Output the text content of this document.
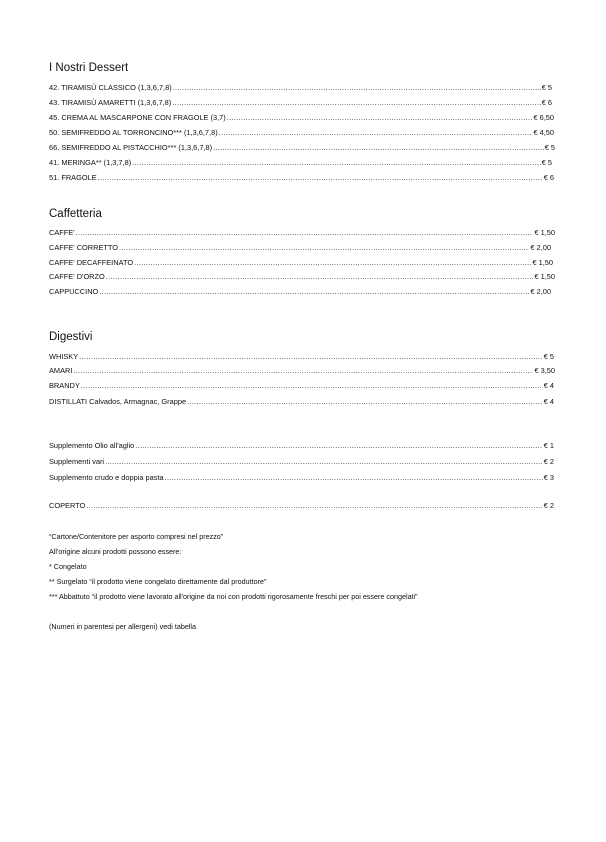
I Nostri Dessert
42. TIRAMISÙ CLASSICO (1,3,6,7,8) .....	€ 5
43. TIRAMISÙ AMARETTI (1,3,6,7,8) .....	€ 6
45. CREMA AL MASCARPONE CON FRAGOLE (3,7) .....	€ 6,50
50. SEMIFREDDO AL TORRONCINO*** (1,3,6,7,8) .....	€ 4,50
66. SEMIFREDDO AL PISTACCHIO*** (1,3,6,7,8) .....	€ 5
41. MERINGA** (1,3,7,8) .....	€ 5
51. FRAGOLE .....	€ 6
Caffetteria
CAFFE' .....	€ 1,50
CAFFE' CORRETTO .....	€ 2,00
CAFFE' DECAFFEINATO .....	€ 1,50
CAFFE' D'ORZO .....	€ 1,50
CAPPUCCINO .....	€ 2,00
Digestivi
WHISKY .....	€ 5
AMARI .....	€ 3,50
BRANDY .....	€ 4
DISTILLATI Calvados, Armagnac, Grappe .....	€ 4
Supplemento Olio all'aglio .....	€ 1
Supplementi vari .....	€ 2
Supplemento crudo e doppia pasta .....	€ 3
COPERTO .....	€ 2
“Cartone/Contenitore per asporto compresi nel prezzo”
All'origine alcuni prodotti possono essere:
* Congelato
** Surgelato “il prodotto viene congelato direttamente dal produttore”
*** Abbattuto “il prodotto viene lavorato all'origine da noi con prodotti rigorosamente freschi per poi essere congelati”
(Numeri in parentesi per allergeni) vedi tabella
